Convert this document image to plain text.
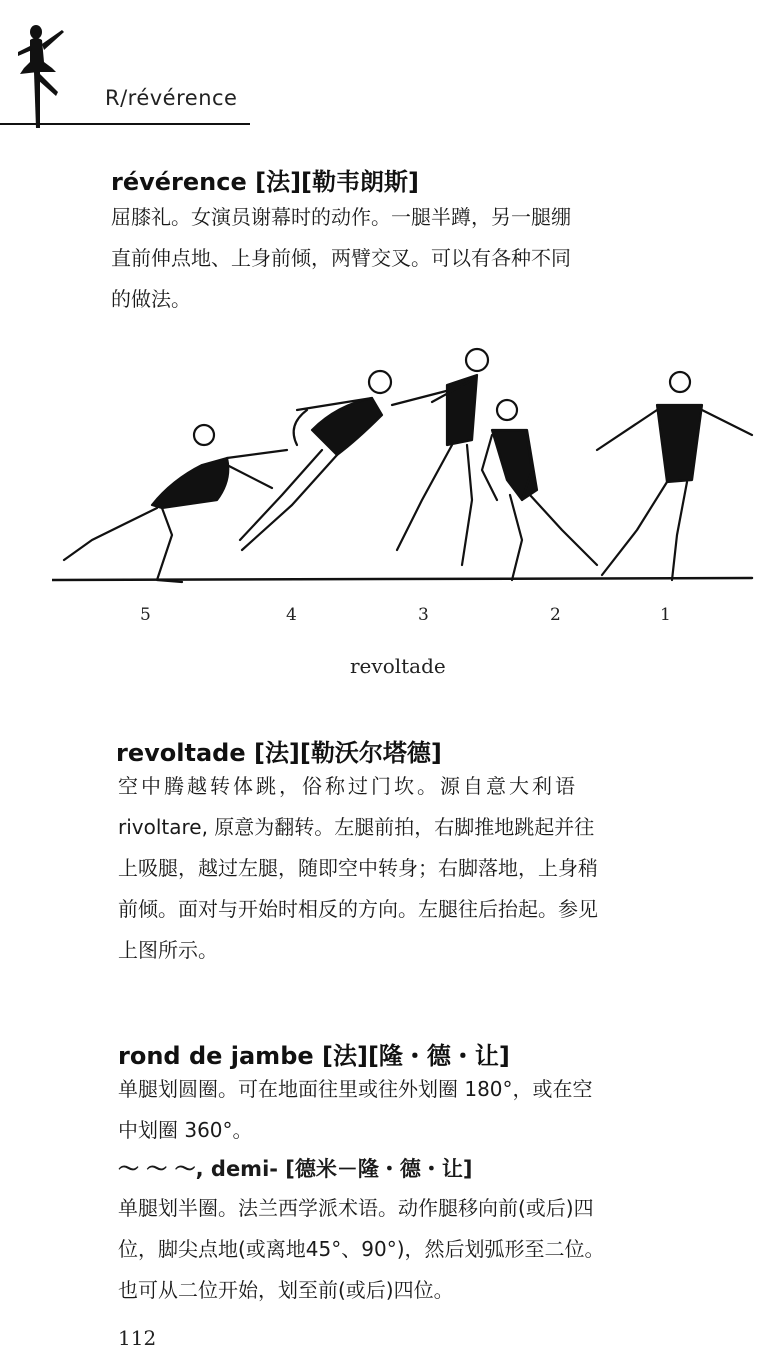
R/révérence
révérence [法][勒韦朗斯]
屈膝礼。女演员谢幕时的动作。一腿半蹲，另一腿绷
直前伸点地、上身前倾，两臂交叉。可以有各种不同
的做法。
5	4	3	2	1
revoltade
revoltade [法][勒沃尔塔德]
空中腾越转体跳，俗称过门坎。源自意大利语
rivoltare, 原意为翻转。左腿前拍，右脚推地跳起并往
上吸腿，越过左腿，随即空中转身；右脚落地，上身稍
前倾。面对与开始时相反的方向。左腿往后抬起。参见
上图所示。
rond de jambe [法][隆・德・让]
单腿划圆圈。可在地面往里或往外划圈 180°，或在空
中划圈 360°。
～ ～ ～, demi- [德米－隆・德・让]
单腿划半圈。法兰西学派术语。动作腿移向前(或后)四
位，脚尖点地(或离地45°、90°)，然后划弧形至二位。
也可从二位开始，划至前(或后)四位。
112
